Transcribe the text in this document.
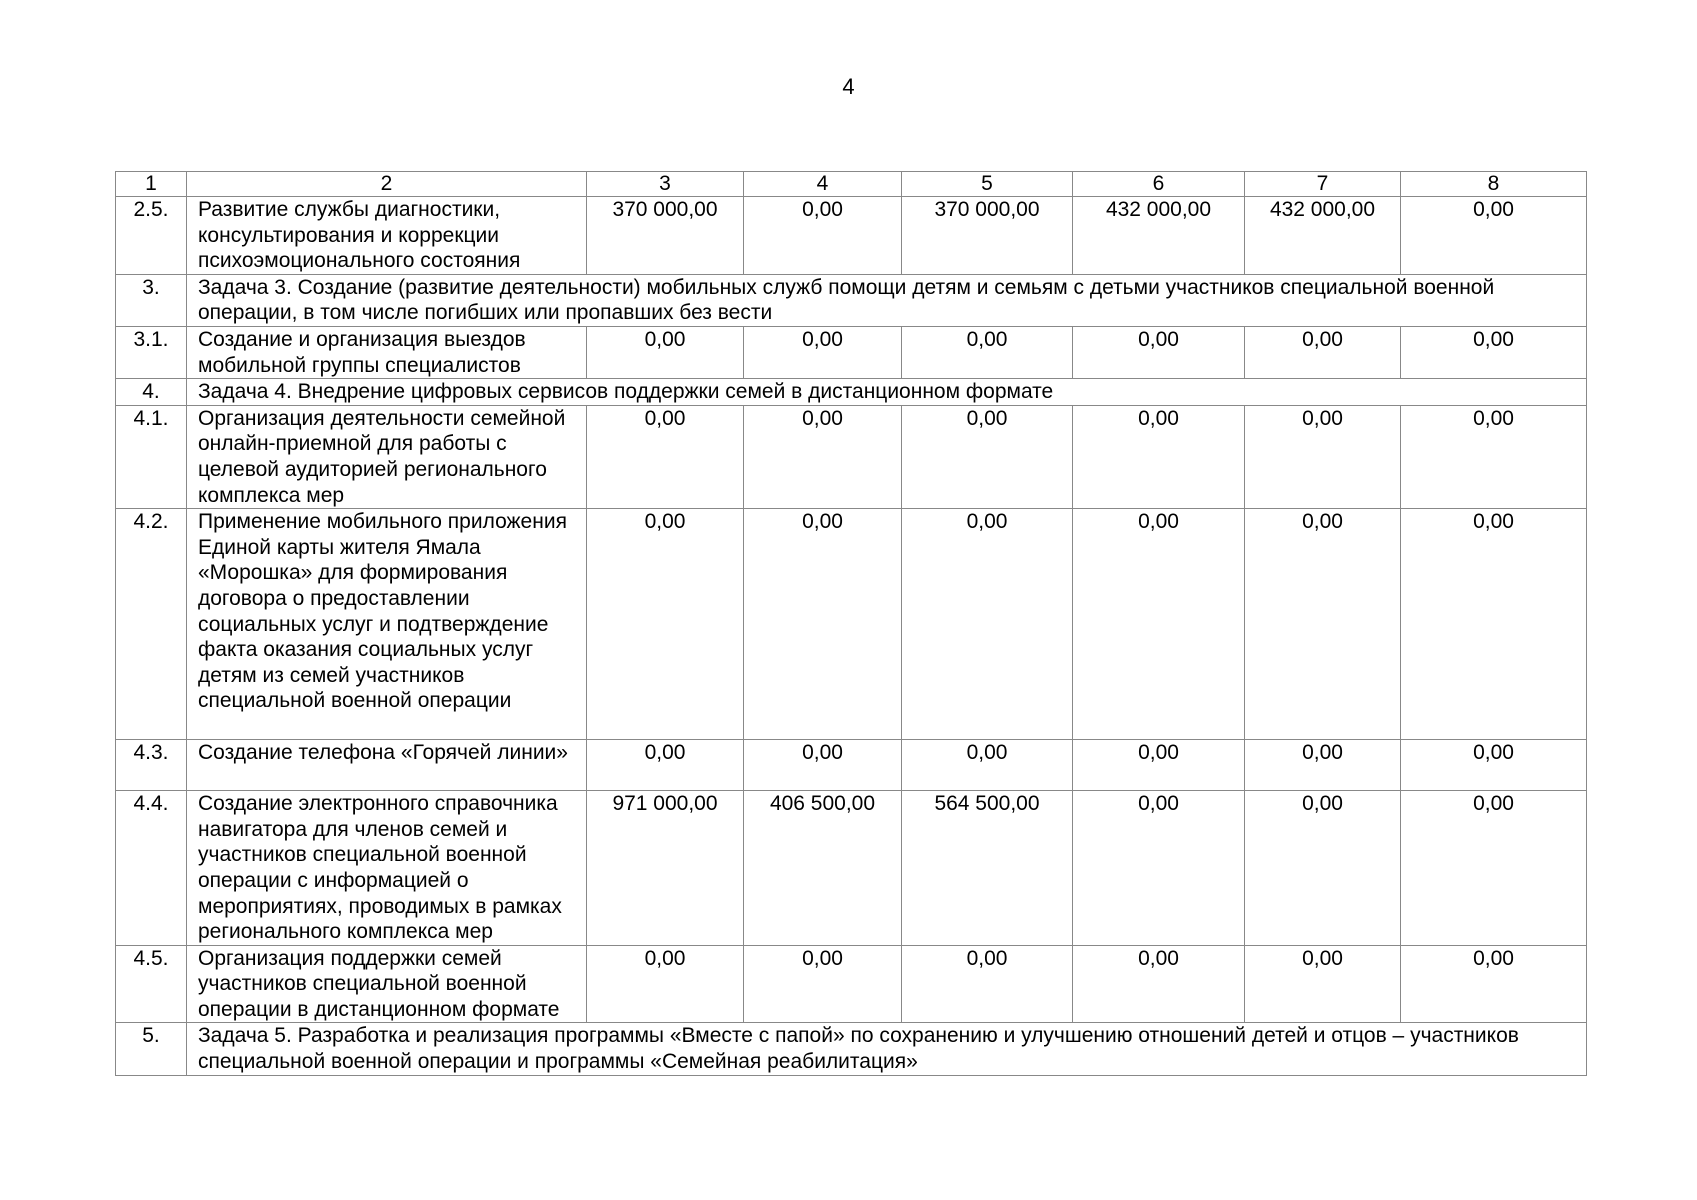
4
1	2	3	4	5	6	7	8
2.5.	Развитие службы диагностики, консультирования и коррекции психоэмоционального состояния	370 000,00	0,00	370 000,00	432 000,00	432 000,00	0,00
3.	Задача 3. Создание (развитие деятельности) мобильных служб помощи детям и семьям с детьми участников специальной военной операции, в том числе погибших или пропавших без вести						
3.1.	Создание и организация выездов мобильной группы специалистов	0,00	0,00	0,00	0,00	0,00	0,00
4.	Задача 4. Внедрение цифровых сервисов поддержки семей в дистанционном формате						
4.1.	Организация деятельности семейной онлайн-приемной для работы с целевой аудиторией регионального комплекса мер	0,00	0,00	0,00	0,00	0,00	0,00
4.2.	Применение мобильного приложения Единой карты жителя Ямала «Морошка» для формирования договора о предоставлении социальных услуг и подтверждение факта оказания социальных услуг детям из семей участников специальной военной операции	0,00	0,00	0,00	0,00	0,00	0,00
4.3.	Создание телефона «Горячей линии»	0,00	0,00	0,00	0,00	0,00	0,00
4.4.	Создание электронного справочника навигатора для членов семей и участников специальной военной операции с информацией о мероприятиях, проводимых в рамках регионального комплекса мер	971 000,00	406 500,00	564 500,00	0,00	0,00	0,00
4.5.	Организация поддержки семей участников специальной военной операции в дистанционном формате	0,00	0,00	0,00	0,00	0,00	0,00
5.	Задача 5. Разработка и реализация программы «Вместе с папой» по сохранению и улучшению отношений детей и отцов – участников специальной военной операции и программы «Семейная реабилитация»						
